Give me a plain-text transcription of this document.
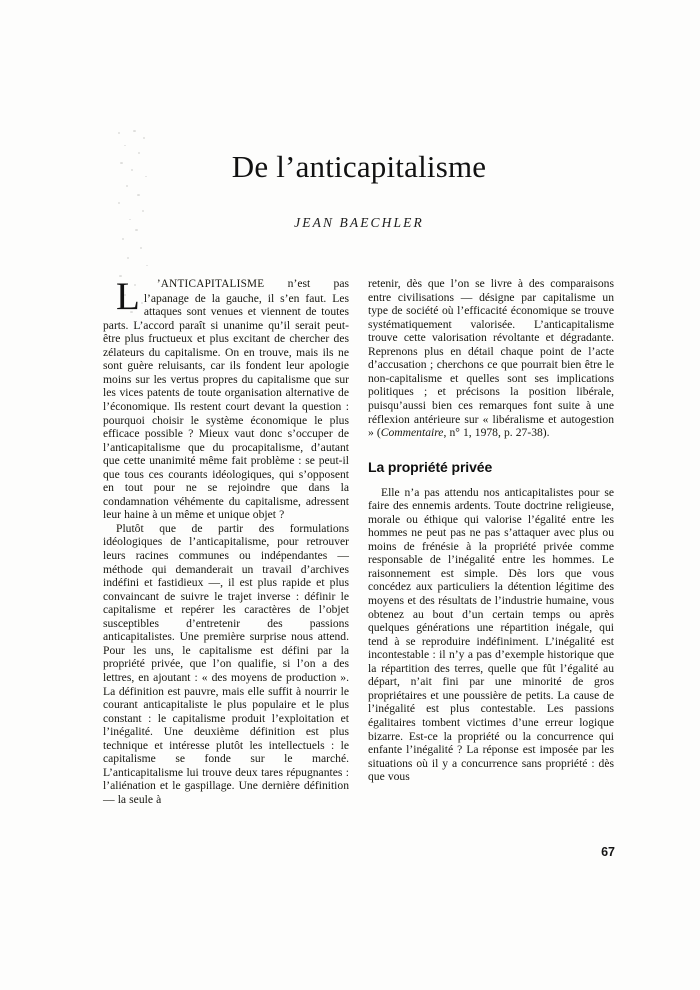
De l’anticapitalisme
JEAN BAECHLER

L	’ANTICAPITALISME n’est pas l’apanage de la gauche, il s’en faut. Les attaques sont venues et viennent de toutes parts. L’accord paraît si unanime qu’il serait peut-être plus fructueux et plus excitant de chercher des zélateurs du capitalisme. On en trouve, mais ils ne sont guère reluisants, car ils fondent leur apologie moins sur les vertus propres du capitalisme que sur les vices patents de toute organisation alternative de l’économique. Ils restent court devant la question : pourquoi choisir le système économique le plus efficace possible ? Mieux vaut donc s’occuper de l’anticapitalisme que du procapitalisme, d’autant que cette unanimité même fait problème : se peut-il que tous ces courants idéologiques, qui s’opposent en tout pour ne se rejoindre que dans la condamnation véhémente du capitalisme, adressent leur haine à un même et unique objet ?

Plutôt que de partir des formulations idéologiques de l’anticapitalisme, pour retrouver leurs racines communes ou indépendantes — méthode qui demanderait un travail d’archives indéfini et fastidieux —, il est plus rapide et plus convaincant de suivre le trajet inverse : définir le capitalisme et repérer les caractères de l’objet susceptibles d’entretenir des passions anticapitalistes. Une première surprise nous attend. Pour les uns, le capitalisme est défini par la propriété privée, que l’on qualifie, si l’on a des lettres, en ajoutant : « des moyens de production ». La définition est pauvre, mais elle suffit à nourrir le courant anticapitaliste le plus populaire et le plus constant : le capitalisme produit l’exploitation et l’inégalité. Une deuxième définition est plus technique et intéresse plutôt les intellectuels : le capitalisme se fonde sur le marché. L’anticapitalisme lui trouve deux tares répugnantes : l’aliénation et le gaspillage. Une dernière définition — la seule à

retenir, dès que l’on se livre à des comparaisons entre civilisations — désigne par capitalisme un type de société où l’efficacité économique se trouve systématiquement valorisée. L’anticapitalisme trouve cette valorisation révoltante et dégradante. Reprenons plus en détail chaque point de l’acte d’accusation ; cherchons ce que pourrait bien être le non-capitalisme et quelles sont ses implications politiques ; et précisons la position libérale, puisqu’aussi bien ces remarques font suite à une réflexion antérieure sur « libéralisme et autogestion » (Commentaire, n° 1, 1978, p. 27-38).

La propriété privée

Elle n’a pas attendu nos anticapitalistes pour se faire des ennemis ardents. Toute doctrine religieuse, morale ou éthique qui valorise l’égalité entre les hommes ne peut pas ne pas s’attaquer avec plus ou moins de frénésie à la propriété privée comme responsable de l’inégalité entre les hommes. Le raisonnement est simple. Dès lors que vous concédez aux particuliers la détention légitime des moyens et des résultats de l’industrie humaine, vous obtenez au bout d’un certain temps ou après quelques générations une répartition inégale, qui tend à se reproduire indéfiniment. L’inégalité est incontestable : il n’y a pas d’exemple historique que la répartition des terres, quelle que fût l’égalité au départ, n’ait fini par une minorité de gros propriétaires et une poussière de petits. La cause de l’inégalité est plus contestable. Les passions égalitaires tombent victimes d’une erreur logique bizarre. Est-ce la propriété ou la concurrence qui enfante l’inégalité ? La réponse est imposée par les situations où il y a concurrence sans propriété : dès que vous

67
